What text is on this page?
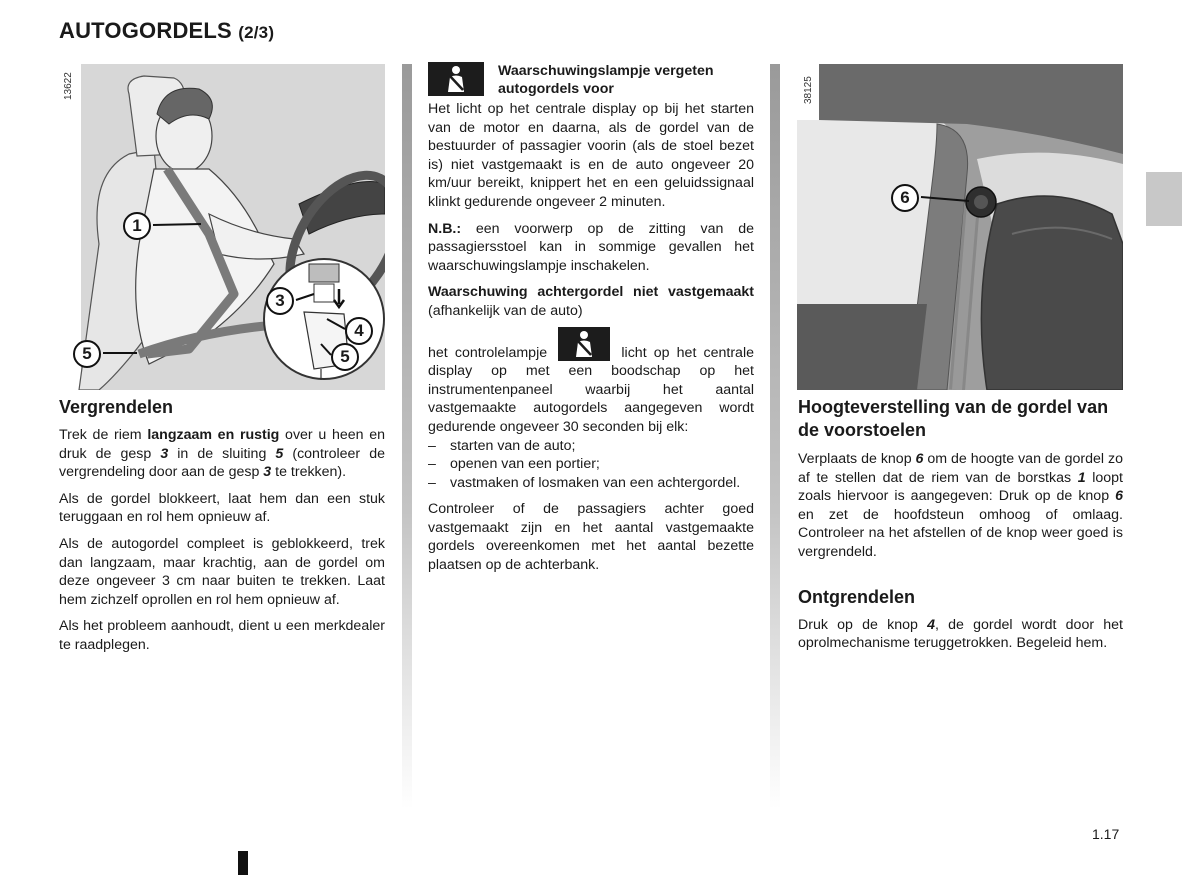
AUTOGORDELS (2/3)
13622
1
3
4
5	5
Vergrendelen

Trek de riem langzaam en rustig over u heen en druk de gesp 3 in de sluiting 5 (controleer de vergrendeling door aan de gesp 3 te trekken).

Als de gordel blokkeert, laat hem dan een stuk teruggaan en rol hem opnieuw af.

Als de autogordel compleet is geblokkeerd, trek dan langzaam, maar krachtig, aan de gordel om deze ongeveer 3 cm naar buiten te trekken. Laat hem zichzelf oprollen en rol hem opnieuw af.

Als het probleem aanhoudt, dient u een merkdealer te raadplegen.

Waarschuwingslampje vergeten autogordels voor

Het licht op het centrale display op bij het starten van de motor en daarna, als de gordel van de bestuurder of passagier voorin (als de stoel bezet is) niet vastgemaakt is en de auto ongeveer 20 km/uur bereikt, knippert het en een geluidssignaal klinkt gedurende ongeveer 2 minuten.

N.B.: een voorwerp op de zitting van de passagiersstoel kan in sommige gevallen het waarschuwingslampje inschakelen.

Waarschuwing achtergordel niet vastgemaakt (afhankelijk van de auto)

het controlelampje	licht op het centrale display op met een boodschap op het instrumentenpaneel waarbij het aantal vastgemaakte autogordels aangegeven wordt gedurende ongeveer 30 seconden bij elk:

– starten van de auto;
– openen van een portier;
– vastmaken of losmaken van een achtergordel.

Controleer of de passagiers achter goed vastgemaakt zijn en het aantal vastgemaakte gordels overeenkomen met het aantal bezette plaatsen op de achterbank.

38125
6
Hoogteverstelling van de gordel van de voorstoelen

Verplaats de knop 6 om de hoogte van de gordel zo af te stellen dat de riem van de borstkas 1 loopt zoals hiervoor is aangegeven: Druk op de knop 6 en zet de hoofdsteun omhoog of omlaag. Controleer na het afstellen of de knop weer goed is vergrendeld.

Ontgrendelen

Druk op de knop 4, de gordel wordt door het oprolmechanisme teruggetrokken. Begeleid hem.

1.17
